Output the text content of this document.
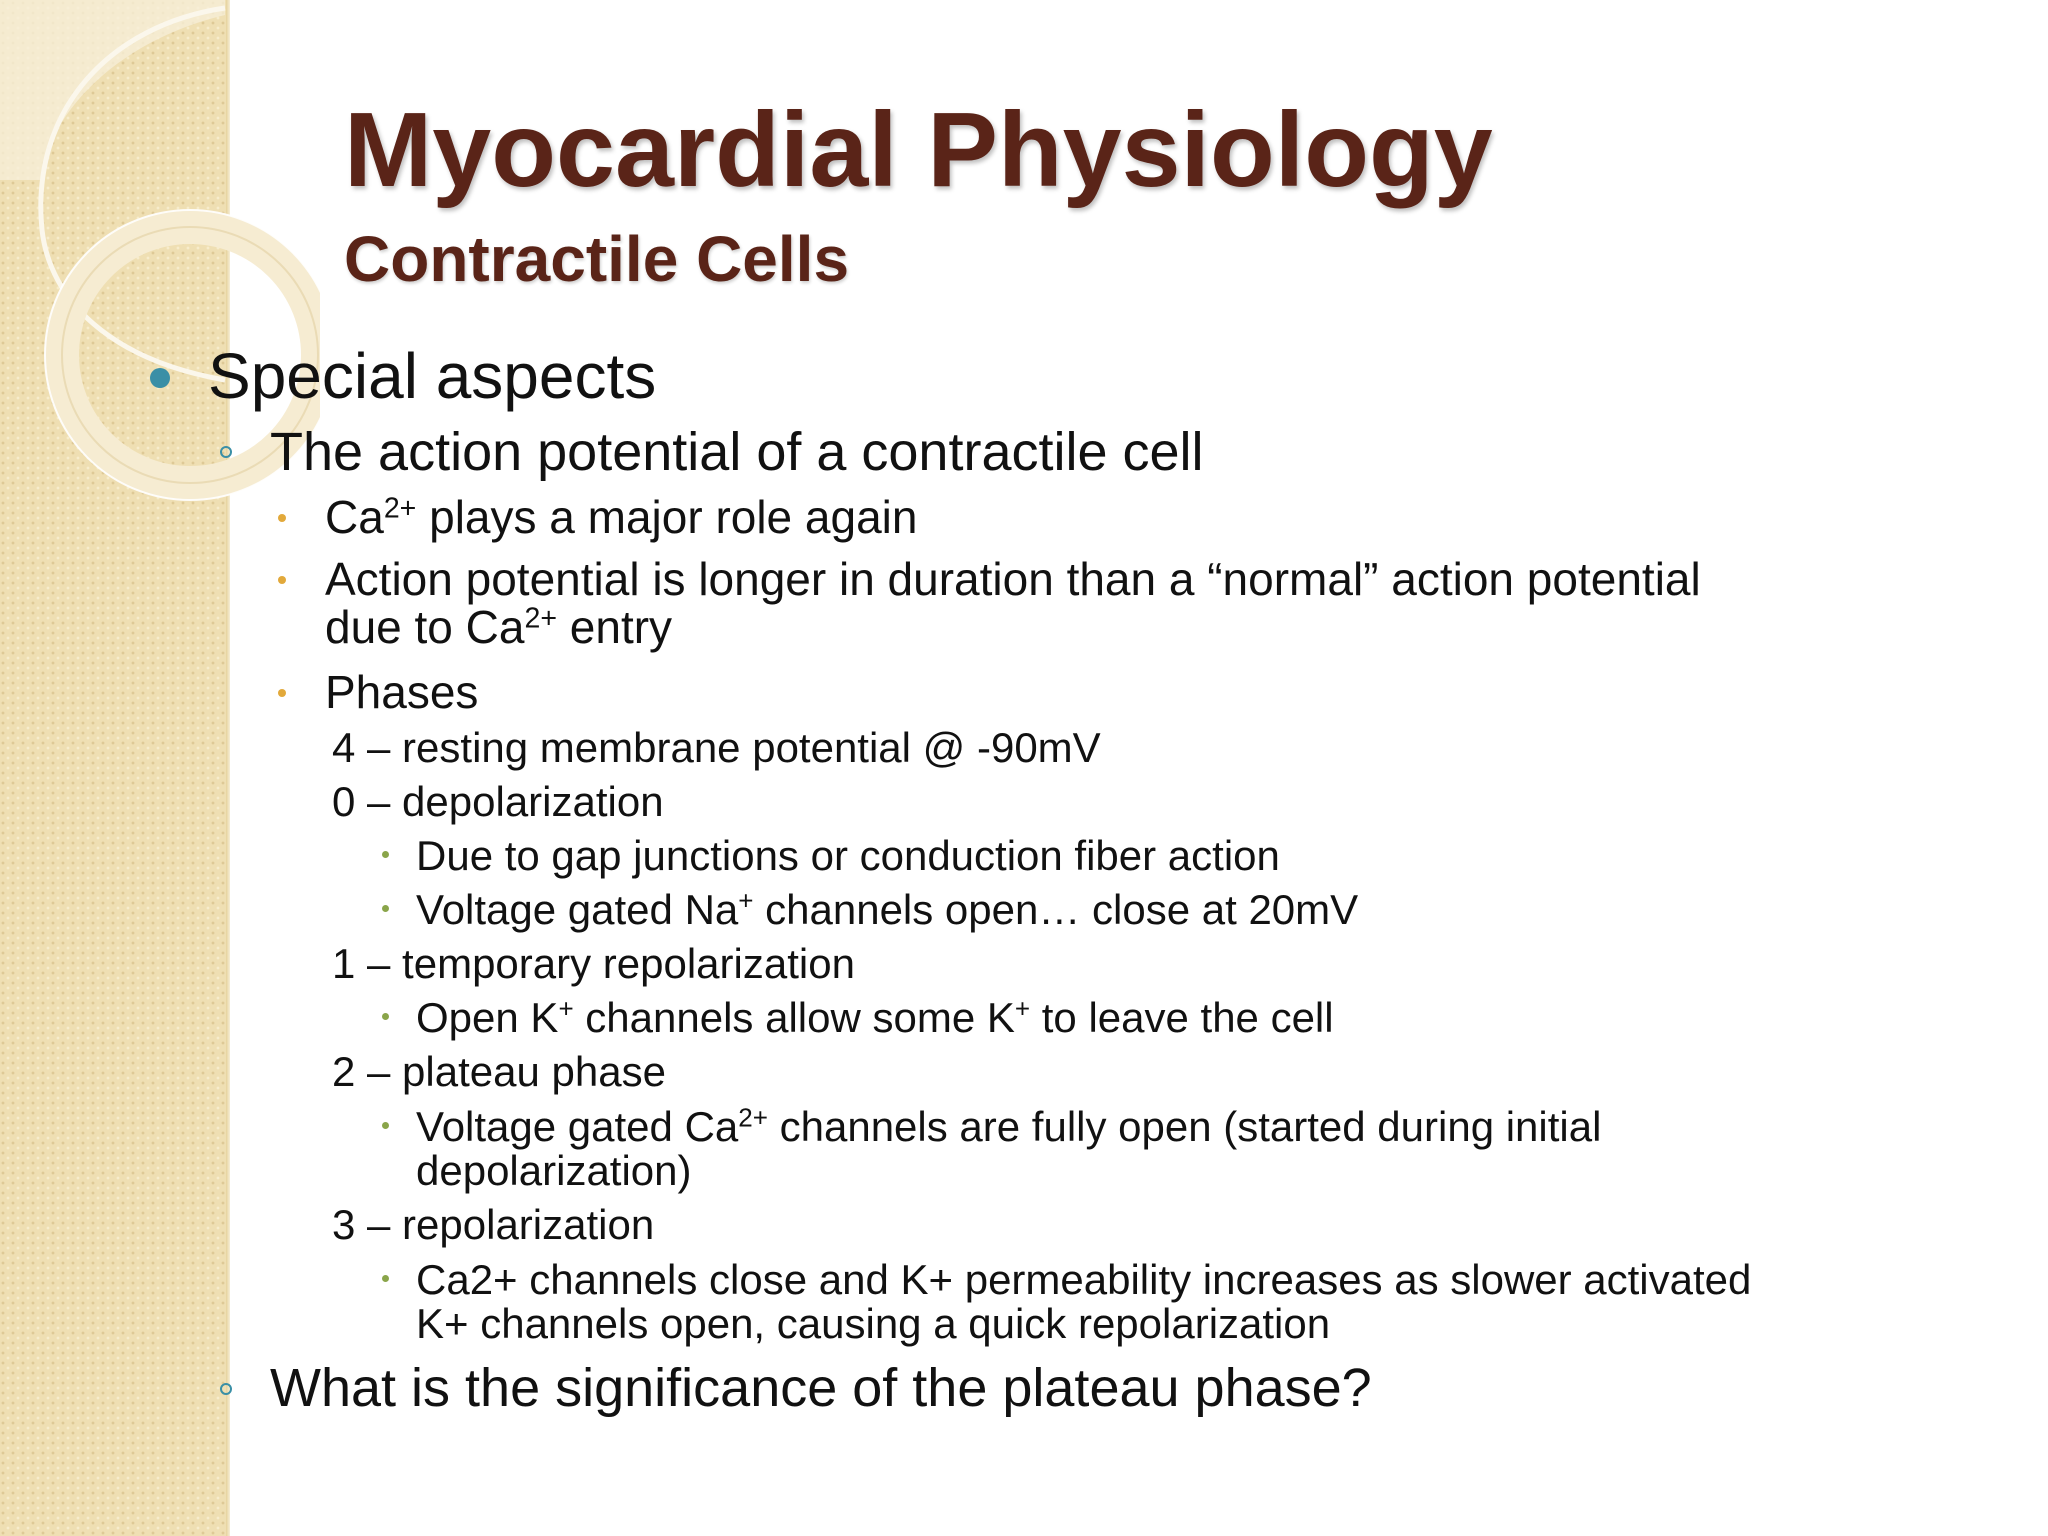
Myocardial Physiology
Contractile Cells
Special aspects
The action potential of a contractile cell
$Ca^{2+}$ plays a major role again
Action potential is longer in duration than a “normal” action potential
due to $Ca^{2+}$ entry
Phases
4 – resting membrane potential @ -90mV
0 – depolarization
Due to gap junctions or conduction fiber action
Voltage gated Na+ channels open… close at 20mV
1 – temporary repolarization
Open K+ channels allow some K+ to leave the cell
2 – plateau phase
Voltage gated $Ca^{2+}$ channels are fully open (started during initial
depolarization)
3 – repolarization
Ca2+ channels close and K+ permeability increases as slower activated
K+ channels open, causing a quick repolarization
What is the significance of the plateau phase?
